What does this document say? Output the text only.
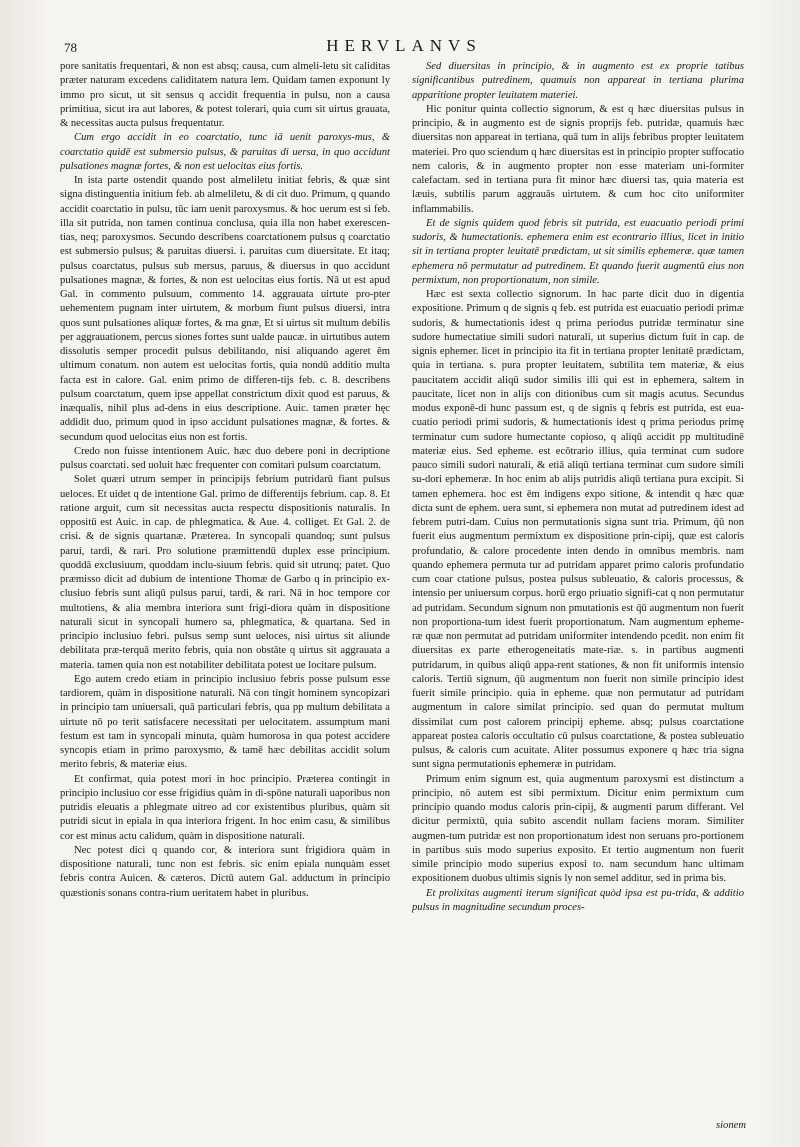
78	HERVLANVS

pore sanitatis frequentari, & non est absq; causa, cum almeli-letu sit caliditas præter naturam excedens caliditatem natura lem. Quidam tamen exponunt ly immo pro sicut, ut sit sensus q accidit frequentia in pulsu, non a causa primitiua, sicut ira aut labores, & potest tolerari, quia cum sit uirtus grauata, & necessitas aucta pulsus frequentatur.

Cum ergo accidit in eo coarctatio, tunc iā uenit paroxys-mus, & coarctatio quidē est submersio pulsus, & paruitas di uersa, in quo accidunt pulsationes magnæ fortes, & non est uelocitas eius fortis.

In ista parte ostendit quando post almeliletu initiat febris, & quæ sint signa distinguentia initium feb. ab almeliletu, & di cit duo. Primum, q quando accidit coarctatio in pulsu, tūc iam uenit paroxysmus. & hoc uerum est si feb. illa sit putrida, non tamen continua conclusa, quia illa non habet exerescen-tias, neq; paroxysmos. Secundo describens coarctationem pulsus q coarctatio est submersio pulsus; & paruitas diuersi. i. paruitas cum diuersitate. Et itaq; pulsus coarctatus, pulsus sub mersus, paruus, & diuersus in quo accidunt pulsationes magnæ, & fortes, & non est uelocitas eius fortis. Nā ut est apud Gal. in commento pulsuum, commento 14. aggrauata uirtute pro-pter uehementem pugnam inter uirtutem, & morbum fiunt pulsus diuersi, intra quos sunt pulsationes aliquæ fortes, & ma gnæ, Et si uirtus sit multum debilis per aggrauationem, percus siones fortes sunt ualde paucæ. in uirtutibus autem dissolutis semper procedit pulsus debilitando, nisi aliquando ageret ēm ultimum conatum. non autem est uelocitas fortis, quia nondū additio multa facta est in calore. Gal. enim primo de differen-tijs feb. c. 8. describens pulsum coarctatum, quem ipse appellat constrictum dixit quod est paruus, & inæqualis, nihil plus ad-dens in eius descriptione. Auic. tamen præter hęc addidit duo, primum quod in ipso accidunt pulsationes magnæ, & fortes. & secundum quod uelocitas eius non est fortis.

Credo non fuisse intentionem Auic. hæc duo debere poni in decriptione pulsus coarctati. sed uoluit hæc frequenter con comitari pulsum coarctatum.

Solet quæri utrum semper in principijs febrium putridarū fiant pulsus ueloces. Et uidet q de intentione Gal. primo de differentijs febrium. cap. 8. Et ratione arguit, cum sit necessitas aucta respectu dispositionis naturalis. In oppositū est Auic. in cap. de phlegmatica. & Aue. 4. colliget. Et Gal. 2. de crisi. & de signis quartanæ. Præterea. In syncopali quandoq; sunt pulsus parui, tardi, & rari. Pro solutione præmittendū duplex esse principium. quoddā exclusiuum, quoddam inclu-siuum febris. quid sit utrunq; patet. Quo præmisso dicit ad dubium de intentione Thomæ de Garbo q in principio ex-clusiuo febris sunt aliqū pulsus parui, tardi, & rari. Nā in hoc tempore cor multotiens, & alia membra interiora sunt frigi-diora quàm in dispositione naturali sicut in syncopali humero sa, phlegmatica, & quartana. Sed in principio inclusiuo febri. pulsus semp sunt ueloces, nisi uirtus sit aliunde debilitata præ-terquā merito febris, quia non obstāte q uirtus sit aggrauata a materia. tamen quia non est notabiliter debilitata potest ue locitare pulsum.

Ego autem credo etiam in principio inclusiuo febris posse pulsum esse tardiorem, quàm in dispositione naturali. Nā con tingit hominem syncopizari in principio tam uniuersali, quā particulari febris, qua pp multum debilitata a uirtute nō po terit satisfacere necessitati per uelocitatem. assumptum mani festum est tam in syncopali minuta, quàm humorosa in qua potest accidere syncopis etiam in primo paroxysmo, & tamē hæc debilitas accidit solum merito febris, & materiæ eius.

Et confirmat, quia potest mori in hoc principio. Præterea contingit in principio inclusiuo cor esse frigidius quàm in di-spōne naturali uaporibus non putridis eleuatis a phlegmate uitreo ad cor existentibus pluribus, quàm sit putridi sicut in epiala in qua interiora frigent. In hoc enim casu, & similibus cor est minus actu calidum, quàm in dispositione naturali.

Nec potest dici q quando cor, & interiora sunt frigidiora quàm in dispositione naturali, tunc non est febris. sic enim epiala nunquàm esset febris contra Auicen. & cæteros. Dictū autem Gal. adductum in principio quæstionis sonans contra-rium ueritatem habet in pluribus.

Sed diuersitas in principio, & in augmento est ex proprie tatibus significantibus putredinem, quamuis non appareat in tertiana plurima apparitione propter leuitatem materiei.

Hic ponitur quinta collectio signorum, & est q hæc diuersitas pulsus in principio, & in augmento est de signis proprijs feb. putridæ, quamuis hæc diuersitas non appareat in tertiana, quā tum in alijs febribus propter leuitatem materiei. Pro quo sciendum q hæc diuersitas est in principio propter suffocatio nem caloris, & in augmento propter non esse materiam uni-formiter calefactam. sed in tertiana pura fit minor hæc diuersi tas, quia materia est læuis, subtilis parum aggrauās uirtutem. & cum hoc cito uniformiter inflammabilis.

Et de signis quidem quod febris sit putrida, est euacuatio periodi primi sudoris, & humectationis. ephemera enim est econtrario illius, licet in initio sit in tertiana propter leuitatē prædictam, ut sit similis ephemeræ. quæ tamen ephemera nō permutatur ad putredinem. Et quando fuerit augmentū eius non permixtum, non proportionatum, non simile.

Hæc est sexta collectio signorum. In hac parte dicit duo in digentia expositione. Primum q de signis q feb. est putrida est euacuatio periodi primæ sudoris, & humectationis idest q prima periodus putridæ terminatur sine sudore humectatiue simili sudori naturali, ut superius dictum fuit in cap. de signis ephemer. licet in principio ita fit in tertiana propter lenitatē prædictam, quia in tertiana. s. pura propter leuitatem, subtilita tem materiæ, & eius paucitatem accidit aliqū sudor similis illi qui est in ephemera, saltem in paucitate, licet non in alijs con ditionibus cum sit magis acutus. Secundus modus exponē-di hunc passum est, q de signis q febris est putrida, est eua-cuatio periodi primi sudoris, & humectationis idest q prima periodus primę terminatur cum sudore humectante copioso, q aliqū accidit pp multitudinē materiæ eius. Sed epheme. est ecōtrario illius, quia terminat cum sudore pauco simili sudori naturali, & etiā aliqū tertiana terminat cum sudore simili su-dori ephemeræ. In hoc enim ab alijs putridis aliqū tertiana pura excipit. Si tamen ephemera. hoc est ēm indigens expo sitione, & intendit q hæc quæ dicta sunt de ephem. uera sunt, si ephemera non mutat ad putredinem idest ad febrem putri-dam. Cuius non permutationis signa sunt tria. Primum, q̄ū non fuerit eius augmentum permixtum ex dispositione prin-cipij, quæ est caloris profundatio, & calore procedente inten dendo in omnibus membris. nam quando ephemera permuta tur ad putridam apparet primo caloris profundatio cum coar ctatione pulsus, postea pulsus subleuatio, & caloris processus, & intensio per uniuersum corpus. horū ergo priuatio signifi-cat q non permutatur ad putridam. Secundum signum non pmutationis est q̄ū augmentum non fuerit non proportiona-tum idest fuerit proportionatum. Nam augmentum epheme-ræ quæ non permutat ad putridam uniformiter intendendo pcedit. non enim fit diuersitas ex parte etherogeneitatis mate-riæ. s. in partibus augmenti putridarum, in quibus aliqū appa-rent stationes, & non fit uniformis intensio caloris. Tertiū signum, q̄ū augmentum non fuerit non simile principio idest fuerit simile principio. quia in epheme. quæ non permutatur ad putridam augmentum in calore similat principio. sed quan do permutat multum dissimilat cum post calorem principij epheme. absq; pulsus coarctatione appareat postea caloris occultatio cū pulsus coarctatione, & postea subleuatio pulsus, & caloris cum acuitate. Aliter possumus exponere q hæc tria signa sunt signa permutationis ephemeræ in putridam.

Primum enim signum est, quia augmentum paroxysmi est distinctum a principio, nō autem est sibi permixtum. Dicitur enim permixtum cum principio quando modus caloris prin-cipij, & augmenti parum differant. Vel dicitur permixtū, quia subito ascendit nullam faciens moram. Similiter augmen-tum putridæ est non proportionatum idest non seruans pro-portionem in partibus suis modo superius exposito. Et tertio augmentum non fuerit simile principio modo superius exposi to. nam secundum hanc ultimam expositionem duobus ultimis signis ly non semel additur, sed in prima bis.

Et prolixitas augmenti iterum significat quòd ipsa est pu-trida, & additio pulsus in magnitudine secundum proces-

sionem
